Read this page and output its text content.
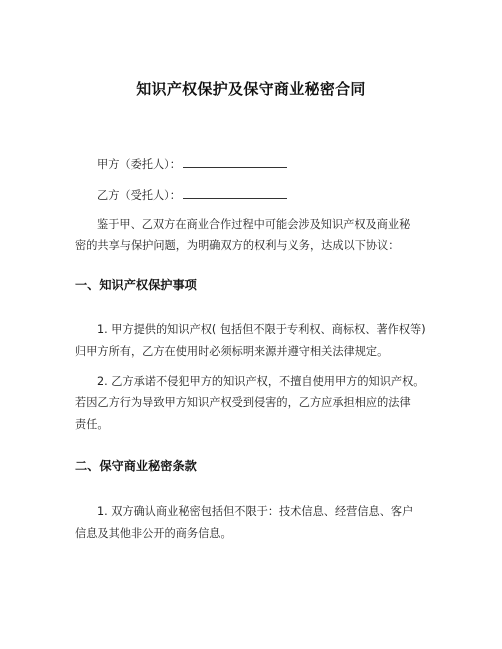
知识产权保护及保守商业秘密合同
甲方（委托人）：
乙方（受托人）：
鉴于甲、乙双方在商业合作过程中可能会涉及知识产权及商业秘
密的共享与保护问题，为明确双方的权利与义务，达成以下协议：
一、知识产权保护事项
1. 甲方提供的知识产权( 包括但不限于专利权、商标权、著作权等)
归甲方所有，乙方在使用时必须标明来源并遵守相关法律规定。
2. 乙方承诺不侵犯甲方的知识产权，不擅自使用甲方的知识产权。
若因乙方行为导致甲方知识产权受到侵害的，乙方应承担相应的法律
责任。
二、保守商业秘密条款
1. 双方确认商业秘密包括但不限于：技术信息、经营信息、客户
信息及其他非公开的商务信息。
